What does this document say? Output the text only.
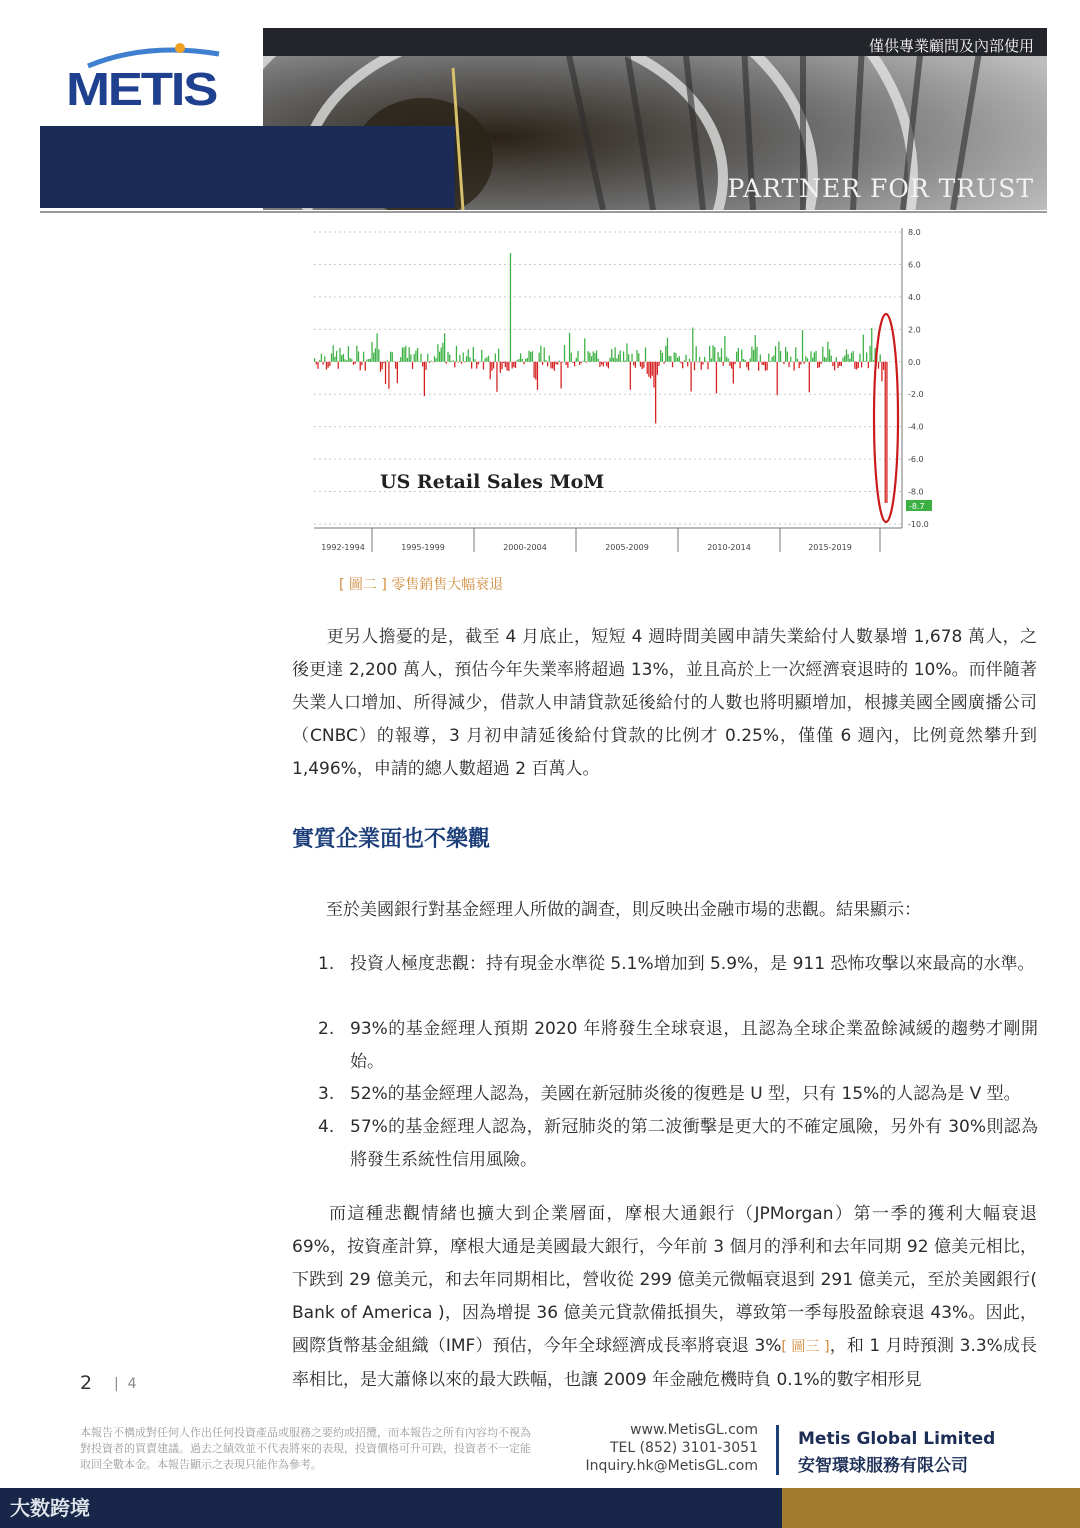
METIS
僅供專業顧問及內部使用
PARTNER FOR TRUST
8.0
6.0
4.0
2.0
0.0
-2.0
-4.0
-6.0
-8.0
-10.0
1992-1994	1995-1999	2000-2004	2005-2009	2010-2014	2015-2019
US Retail Sales MoM
-8.7
[ 圖二 ] 零售銷售大幅衰退
　　更另人擔憂的是，截至 4 月底止，短短 4 週時間美國申請失業給付人數暴增 1,678 萬人，之後更達 2,200 萬人，預估今年失業率將超過 13%，並且高於上一次經濟衰退時的 10%。而伴隨著失業人口增加、所得減少，借款人申請貸款延後給付的人數也將明顯增加，根據美國全國廣播公司（CNBC）的報導，3 月初申請延後給付貸款的比例才 0.25%，僅僅 6 週內，比例竟然攀升到 1,496%，申請的總人數超過 2 百萬人。
實質企業面也不樂觀
　　至於美國銀行對基金經理人所做的調查，則反映出金融市場的悲觀。結果顯示：
1. 投資人極度悲觀：持有現金水準從 5.1%增加到 5.9%，是 911 恐怖攻擊以來最高的水準。
2. 93%的基金經理人預期 2020 年將發生全球衰退，且認為全球企業盈餘減緩的趨勢才剛開始。
3. 52%的基金經理人認為，美國在新冠肺炎後的復甦是 U 型，只有 15%的人認為是 V 型。
4. 57%的基金經理人認為，新冠肺炎的第二波衝擊是更大的不確定風險，另外有 30%則認為將發生系統性信用風險。
　　而這種悲觀情緒也擴大到企業層面，摩根大通銀行（JPMorgan）第一季的獲利大幅衰退 69%，按資產計算，摩根大通是美國最大銀行，今年前 3 個月的淨利和去年同期 92 億美元相比，下跌到 29 億美元，和去年同期相比，營收從 299 億美元微幅衰退到 291 億美元，至於美國銀行( Bank of America )，因為增提 36 億美元貸款備抵損失，導致第一季每股盈餘衰退 43%。因此，國際貨幣基金組織（IMF）預估，今年全球經濟成長率將衰退 3%[ 圖三 ]，和 1 月時預測 3.3%成長率相比，是大蕭條以來的最大跌幅，也讓 2009 年金融危機時負 0.1%的數字相形見
2 |  4
本報告不構成對任何人作出任何投資產品或服務之要約或招攬，而本報告之所有內容均不視為對投資者的買賣建議。過去之績效並不代表將來的表現，投資價格可升可跌，投資者不一定能取回全數本金。本報告顯示之表現只能作為參考。
www.MetisGL.com
TEL (852) 3101-3051
Inquiry.hk@MetisGL.com
Metis Global Limited
安智環球服務有限公司
大数跨境
